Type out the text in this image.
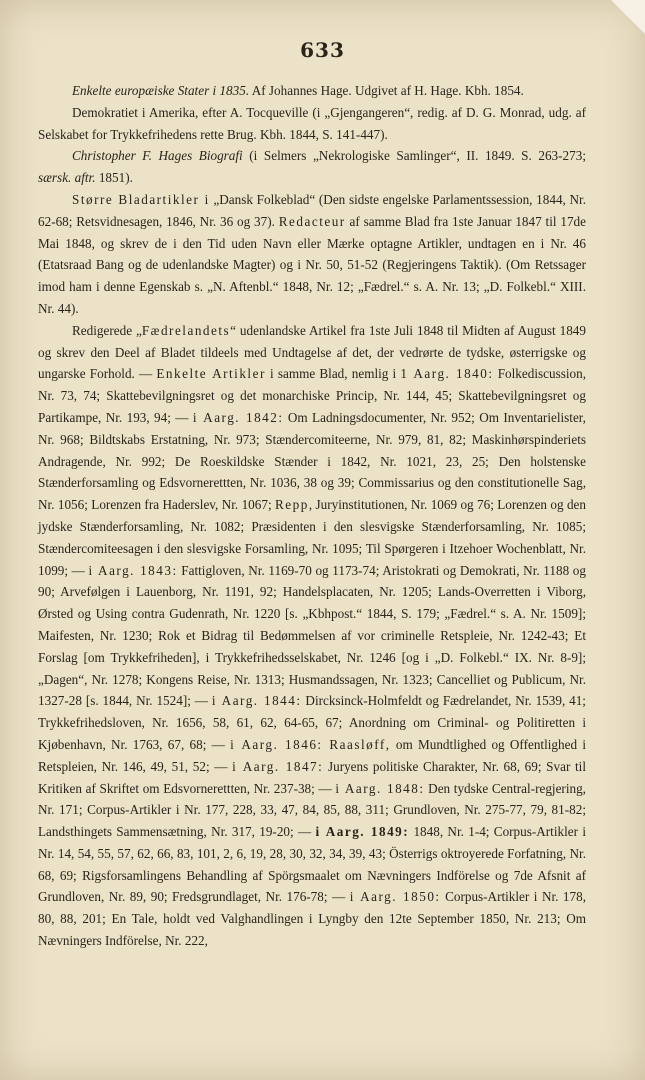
633

Enkelte europæiske Stater i 1835. Af Johannes Hage. Udgivet af H. Hage. Kbh. 1854.

Demokratiet i Amerika, efter A. Tocqueville (i „Gjengangeren“, redig. af D. G. Monrad, udg. af Selskabet for Trykkefrihedens rette Brug. Kbh. 1844, S. 141-447).

Christopher F. Hages Biografi (i Selmers „Nekrologiske Samlinger“, II. 1849. S. 263-273; særsk. aftr. 1851).

Større Bladartikler i „Dansk Folkeblad“ (Den sidste engelske Parlamentssession, 1844, Nr. 62-68; Retsvidnesagen, 1846, Nr. 36 og 37). Redacteur af samme Blad fra 1ste Januar 1847 til 17de Mai 1848, og skrev de i den Tid uden Navn eller Mærke optagne Artikler, undtagen en i Nr. 46 (Etatsraad Bang og de udenlandske Magter) og i Nr. 50, 51-52 (Regjeringens Taktik). (Om Retssager imod ham i denne Egenskab s. „N. Aftenbl.“ 1848, Nr. 12; „Fædrel.“ s. A. Nr. 13; „D. Folkebl.“ XIII. Nr. 44).

Redigerede „Fædrelandets“ udenlandske Artikel fra 1ste Juli 1848 til Midten af August 1849 og skrev den Deel af Bladet tildeels med Undtagelse af det, der vedrørte de tydske, østerrigske og ungarske Forhold. — Enkelte Artikler i samme Blad, nemlig i 1 Aarg. 1840: Folkediscussion, Nr. 73, 74; Skattebevilgningsret og det monarchiske Princip, Nr. 144, 45; Skattebevilgningsret og Partikampe, Nr. 193, 94; — i Aarg. 1842: Om Ladningsdocumenter, Nr. 952; Om Inventarielister, Nr. 968; Bildtskabs Erstatning, Nr. 973; Stændercomiteerne, Nr. 979, 81, 82; Maskinhørspinderiets Andragende, Nr. 992; De Roeskildske Stænder i 1842, Nr. 1021, 23, 25; Den holstenske Stænderforsamling og Edsvornerettten, Nr. 1036, 38 og 39; Commissarius og den constitutionelle Sag, Nr. 1056; Lorenzen fra Haderslev, Nr. 1067; Repp, Juryinstitutionen, Nr. 1069 og 76; Lorenzen og den jydske Stænderforsamling, Nr. 1082; Præsidenten i den slesvigske Stænderforsamling, Nr. 1085; Stændercomiteesagen i den slesvigske Forsamling, Nr. 1095; Til Spørgeren i Itzehoer Wochenblatt, Nr. 1099; — i Aarg. 1843: Fattigloven, Nr. 1169-70 og 1173-74; Aristokrati og Demokrati, Nr. 1188 og 90; Arvefølgen i Lauenborg, Nr. 1191, 92; Handelsplacaten, Nr. 1205; Lands-Overretten i Viborg, Ørsted og Using contra Gudenrath, Nr. 1220 [s. „Kbhpost.“ 1844, S. 179; „Fædrel.“ s. A. Nr. 1509]; Maifesten, Nr. 1230; Rok et Bidrag til Bedømmelsen af vor criminelle Retspleie, Nr. 1242-43; Et Forslag [om Trykkefriheden], i Trykkefrihedsselskabet, Nr. 1246 [og i „D. Folkebl.“ IX. Nr. 8-9]; „Dagen“, Nr. 1278; Kongens Reise, Nr. 1313; Husmandssagen, Nr. 1323; Cancelliet og Publicum, Nr. 1327-28 [s. 1844, Nr. 1524]; — i Aarg. 1844: Dircksinck-Holmfeldt og Fædrelandet, Nr. 1539, 41; Trykkefrihedsloven, Nr. 1656, 58, 61, 62, 64-65, 67; Anordning om Criminal- og Politiretten i Kjøbenhavn, Nr. 1763, 67, 68; — i Aarg. 1846: Raasløff, om Mundtlighed og Offentlighed i Retspleien, Nr. 146, 49, 51, 52; — i Aarg. 1847: Juryens politiske Charakter, Nr. 68, 69; Svar til Kritiken af Skriftet om Edsvornerettten, Nr. 237-38; — i Aarg. 1848: Den tydske Central-regjering, Nr. 171; Corpus-Artikler i Nr. 177, 228, 33, 47, 84, 85, 88, 311; Grundloven, Nr. 275-77, 79, 81-82; Landsthingets Sammensætning, Nr. 317, 19-20; — i Aarg. 1849: 1848, Nr. 1-4; Corpus-Artikler i Nr. 14, 54, 55, 57, 62, 66, 83, 101, 2, 6, 19, 28, 30, 32, 34, 39, 43; Österrigs oktroyerede Forfatning, Nr. 68, 69; Rigsforsamlingens Behandling af Spörgsmaalet om Nævningers Indförelse og 7de Afsnit af Grundloven, Nr. 89, 90; Fredsgrundlaget, Nr. 176-78; — i Aarg. 1850: Corpus-Artikler i Nr. 178, 80, 88, 201; En Tale, holdt ved Valghandlingen i Lyngby den 12te September 1850, Nr. 213; Om Nævningers Indförelse, Nr. 222,
